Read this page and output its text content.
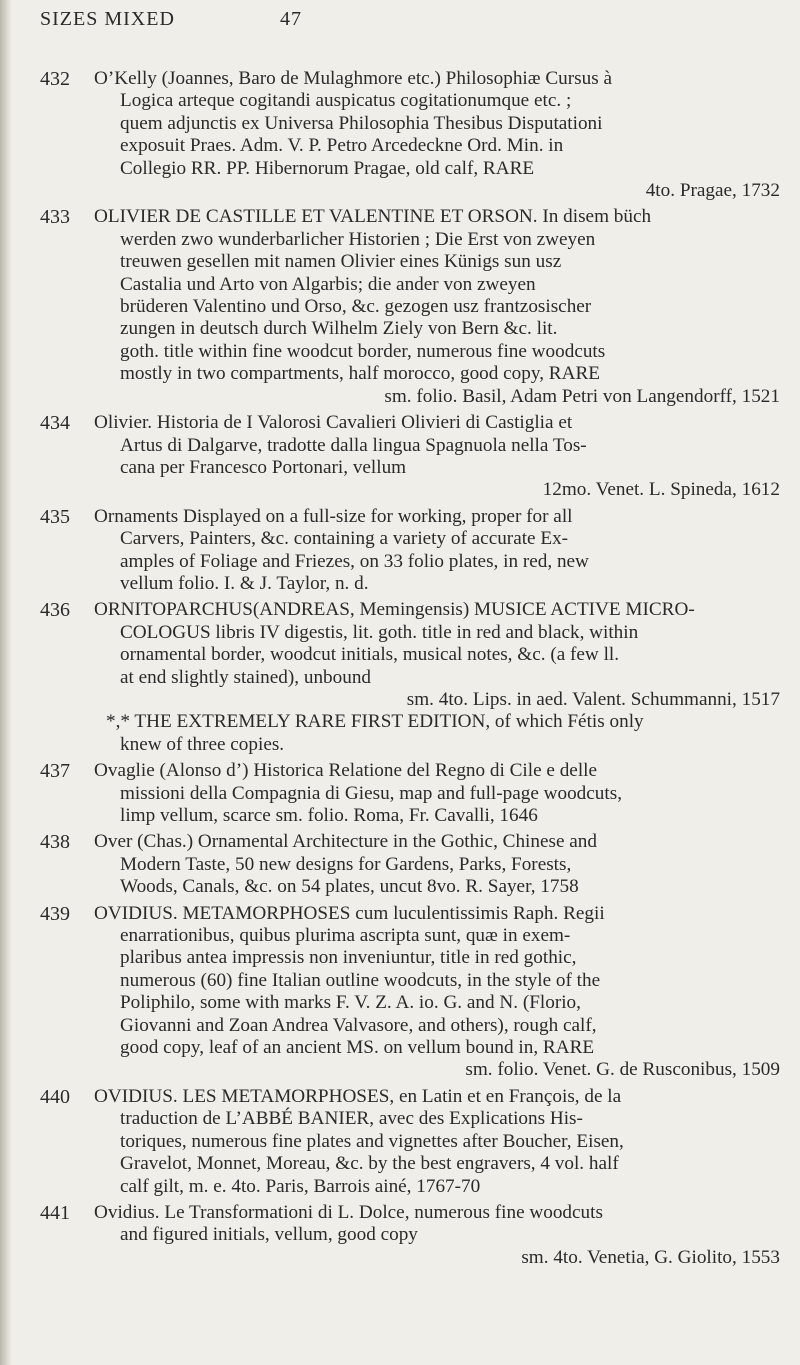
SIZES MIXED	47
432 O’Kelly (Joannes, Baro de Mulaghmore etc.) Philosophiæ Cursus à
Logica arteque cogitandi auspicatus cogitationumque etc. ;
quem adjunctis ex Universa Philosophia Thesibus Disputationi
exposuit Praes. Adm. V. P. Petro Arcedeckne Ord. Min. in
Collegio RR. PP. Hibernorum Pragae, old calf, RARE
4to. Pragae, 1732
433 OLIVIER DE CASTILLE ET VALENTINE ET ORSON. In disem büch
werden zwo wunderbarlicher Historien ; Die Erst von zweyen
treuwen gesellen mit namen Olivier eines Künigs sun usz
Castalia und Arto von Algarbis; die ander von zweyen
brüderen Valentino und Orso, &c. gezogen usz frantzosischer
zungen in deutsch durch Wilhelm Ziely von Bern &c. lit.
goth. title within fine woodcut border, numerous fine woodcuts
mostly in two compartments, half morocco, good copy, RARE
sm. folio. Basil, Adam Petri von Langendorff, 1521
434 Olivier. Historia de I Valorosi Cavalieri Olivieri di Castiglia et
Artus di Dalgarve, tradotte dalla lingua Spagnuola nella Tos-
cana per Francesco Portonari, vellum
12mo. Venet. L. Spineda, 1612
435 Ornaments Displayed on a full-size for working, proper for all
Carvers, Painters, &c. containing a variety of accurate Ex-
amples of Foliage and Friezes, on 33 folio plates, in red, new
vellum folio. I. & J. Taylor, n. d.
436 ORNITOPARCHUS(ANDREAS, Memingensis) MUSICE ACTIVE MICRO-
COLOGUS libris IV digestis, lit. goth. title in red and black, within
ornamental border, woodcut initials, musical notes, &c. (a few ll.
at end slightly stained), unbound
sm. 4to. Lips. in aed. Valent. Schummanni, 1517
*,* THE EXTREMELY RARE FIRST EDITION, of which Fétis only
knew of three copies.
437 Ovaglie (Alonso d’) Historica Relatione del Regno di Cile e delle
missioni della Compagnia di Giesu, map and full-page woodcuts,
limp vellum, scarce sm. folio. Roma, Fr. Cavalli, 1646
438 Over (Chas.) Ornamental Architecture in the Gothic, Chinese and
Modern Taste, 50 new designs for Gardens, Parks, Forests,
Woods, Canals, &c. on 54 plates, uncut 8vo. R. Sayer, 1758
439 OVIDIUS. METAMORPHOSES cum luculentissimis Raph. Regii
enarrationibus, quibus plurima ascripta sunt, quæ in exem-
plaribus antea impressis non inveniuntur, title in red gothic,
numerous (60) fine Italian outline woodcuts, in the style of the
Poliphilo, some with marks F. V. Z. A. io. G. and N. (Florio,
Giovanni and Zoan Andrea Valvasore, and others), rough calf,
good copy, leaf of an ancient MS. on vellum bound in, RARE
sm. folio. Venet. G. de Rusconibus, 1509
440 OVIDIUS. LES METAMORPHOSES, en Latin et en François, de la
traduction de L’ABBÉ BANIER, avec des Explications His-
toriques, numerous fine plates and vignettes after Boucher, Eisen,
Gravelot, Monnet, Moreau, &c. by the best engravers, 4 vol. half
calf gilt, m. e. 4to. Paris, Barrois ainé, 1767-70
441 Ovidius. Le Transformationi di L. Dolce, numerous fine woodcuts
and figured initials, vellum, good copy
sm. 4to. Venetia, G. Giolito, 1553
